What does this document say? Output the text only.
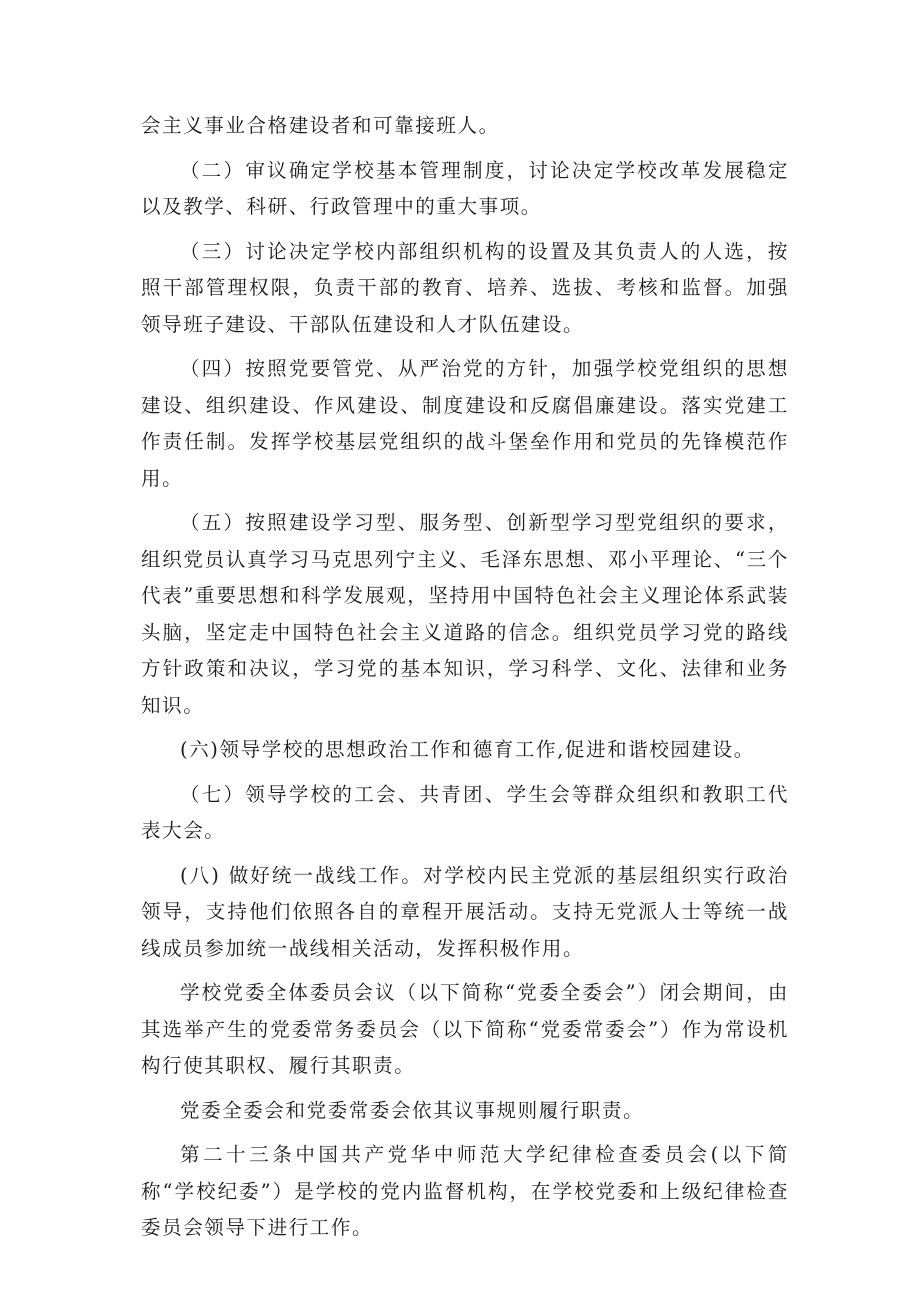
会主义事业合格建设者和可靠接班人。

（二）审议确定学校基本管理制度，讨论决定学校改革发展稳定以及教学、科研、行政管理中的重大事项。

（三）讨论决定学校内部组织机构的设置及其负责人的人选，按照干部管理权限，负责干部的教育、培养、选拔、考核和监督。加强领导班子建设、干部队伍建设和人才队伍建设。

（四）按照党要管党、从严治党的方针，加强学校党组织的思想建设、组织建设、作风建设、制度建设和反腐倡廉建设。落实党建工作责任制。发挥学校基层党组织的战斗堡垒作用和党员的先锋模范作用。

（五）按照建设学习型、服务型、创新型学习型党组织的要求，组织党员认真学习马克思列宁主义、毛泽东思想、邓小平理论、“三个代表”重要思想和科学发展观，坚持用中国特色社会主义理论体系武装头脑，坚定走中国特色社会主义道路的信念。组织党员学习党的路线方针政策和决议，学习党的基本知识，学习科学、文化、法律和业务知识。

(六)领导学校的思想政治工作和德育工作,促进和谐校园建设。

（七）领导学校的工会、共青团、学生会等群众组织和教职工代表大会。

(八) 做好统一战线工作。对学校内民主党派的基层组织实行政治领导，支持他们依照各自的章程开展活动。支持无党派人士等统一战线成员参加统一战线相关活动，发挥积极作用。

学校党委全体委员会议（以下简称“党委全委会”）闭会期间，由其选举产生的党委常务委员会（以下简称“党委常委会”）作为常设机构行使其职权、履行其职责。

党委全委会和党委常委会依其议事规则履行职责。

第二十三条中国共产党华中师范大学纪律检查委员会(以下简称“学校纪委”）是学校的党内监督机构，在学校党委和上级纪律检查委员会领导下进行工作。
